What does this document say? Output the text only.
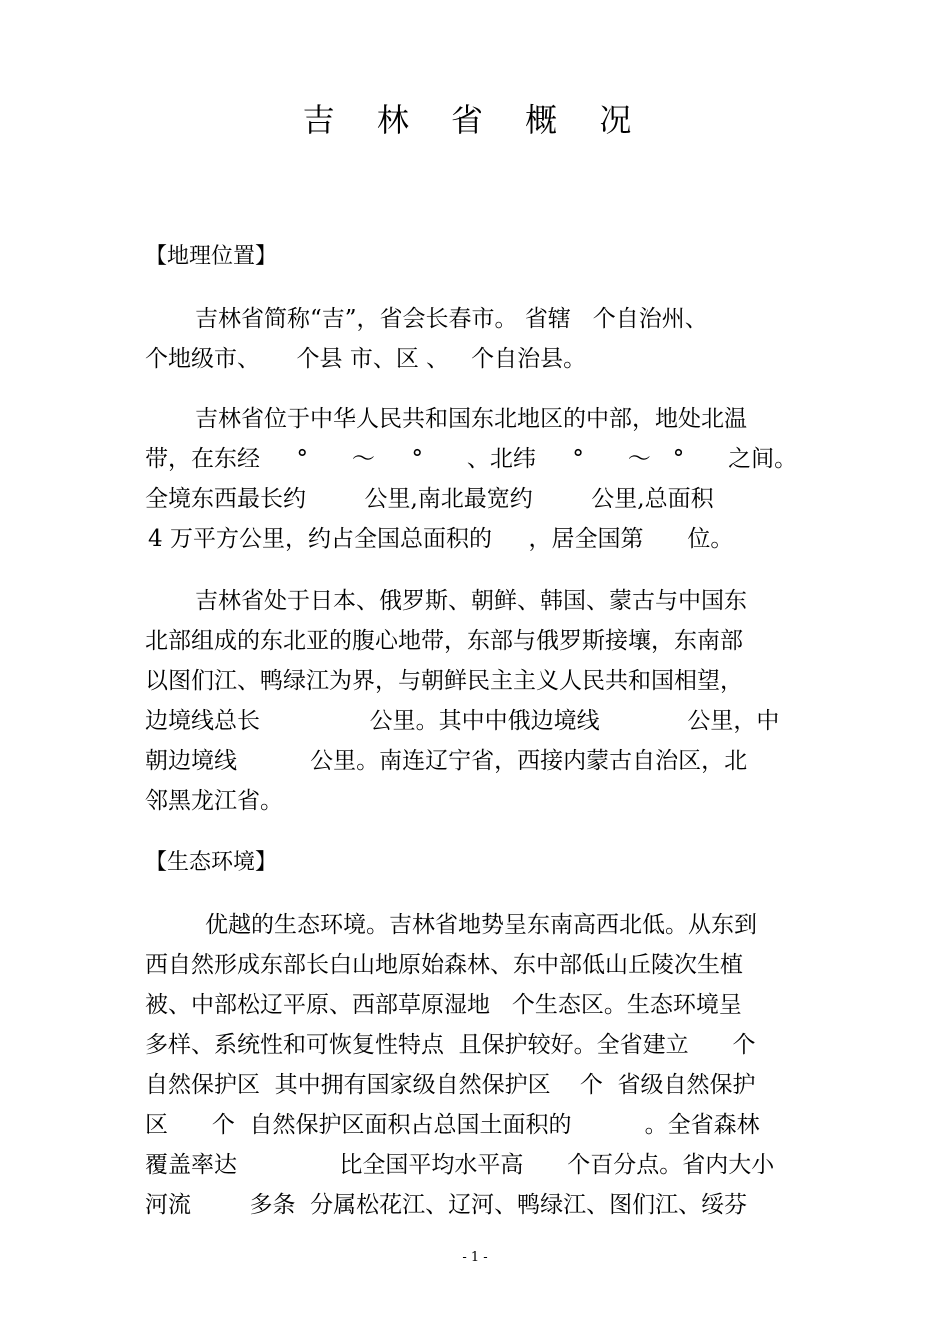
吉 林 省 概 况
【地理位置】
吉林省简称“吉”，省会长春市。 省辖   个自治州、
个地级市、     个县 市、区 、   个自治县。
吉林省位于中华人民共和国东北地区的中部，地处北温
带，在东经     °      ～     °      、北纬     °      ～   °      之间。
全境东西最长约        公里,南北最宽约        公里,总面积
4 万平方公里，约占全国总面积的     ，居全国第      位。
吉林省处于日本、俄罗斯、朝鲜、韩国、蒙古与中国东
北部组成的东北亚的腹心地带，东部与俄罗斯接壤，东南部
以图们江、鸭绿江为界，与朝鲜民主主义人民共和国相望，
边境线总长               公里。其中中俄边境线            公里，中
朝边境线          公里。南连辽宁省，西接内蒙古自治区，北
邻黑龙江省。
【生态环境】
优越的生态环境。吉林省地势呈东南高西北低。从东到
西自然形成东部长白山地原始森林、东中部低山丘陵次生植
被、中部松辽平原、西部草原湿地   个生态区。生态环境呈
多样、系统性和可恢复性特点  且保护较好。全省建立      个
自然保护区  其中拥有国家级自然保护区    个  省级自然保护
区      个  自然保护区面积占总国土面积的          。全省森林
覆盖率达              比全国平均水平高      个百分点。省内大小
河流        多条  分属松花江、辽河、鸭绿江、图们江、绥芬
- 1 -
